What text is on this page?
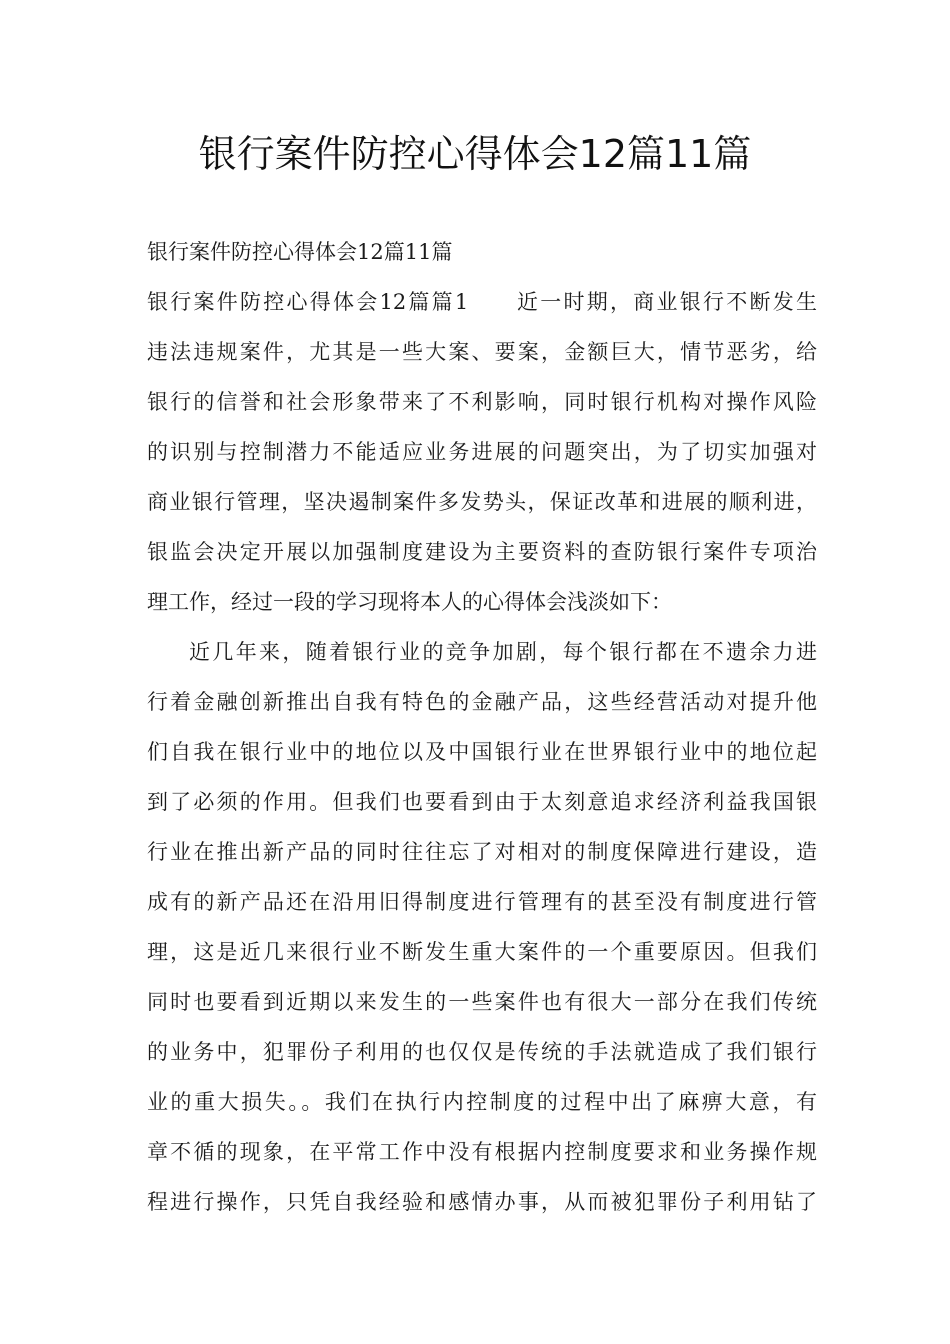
银行案件防控心得体会12篇11篇
银行案件防控心得体会12篇11篇
银行案件防控心得体会12篇篇1　　近一时期，商业银行不断发生
违法违规案件，尤其是一些大案、要案，金额巨大，情节恶劣，给
银行的信誉和社会形象带来了不利影响，同时银行机构对操作风险
的识别与控制潜力不能适应业务进展的问题突出，为了切实加强对
商业银行管理，坚决遏制案件多发势头，保证改革和进展的顺利进，
银监会决定开展以加强制度建设为主要资料的查防银行案件专项治
理工作，经过一段的学习现将本人的心得体会浅淡如下：
近几年来，随着银行业的竞争加剧，每个银行都在不遗余力进
行着金融创新推出自我有特色的金融产品，这些经营活动对提升他
们自我在银行业中的地位以及中国银行业在世界银行业中的地位起
到了必须的作用。但我们也要看到由于太刻意追求经济利益我国银
行业在推出新产品的同时往往忘了对相对的制度保障进行建设，造
成有的新产品还在沿用旧得制度进行管理有的甚至没有制度进行管
理，这是近几来很行业不断发生重大案件的一个重要原因。但我们
同时也要看到近期以来发生的一些案件也有很大一部分在我们传统
的业务中，犯罪份子利用的也仅仅是传统的手法就造成了我们银行
业的重大损失。。我们在执行内控制度的过程中出了麻痹大意，有
章不循的现象，在平常工作中没有根据内控制度要求和业务操作规
程进行操作，只凭自我经验和感情办事，从而被犯罪份子利用钻了
